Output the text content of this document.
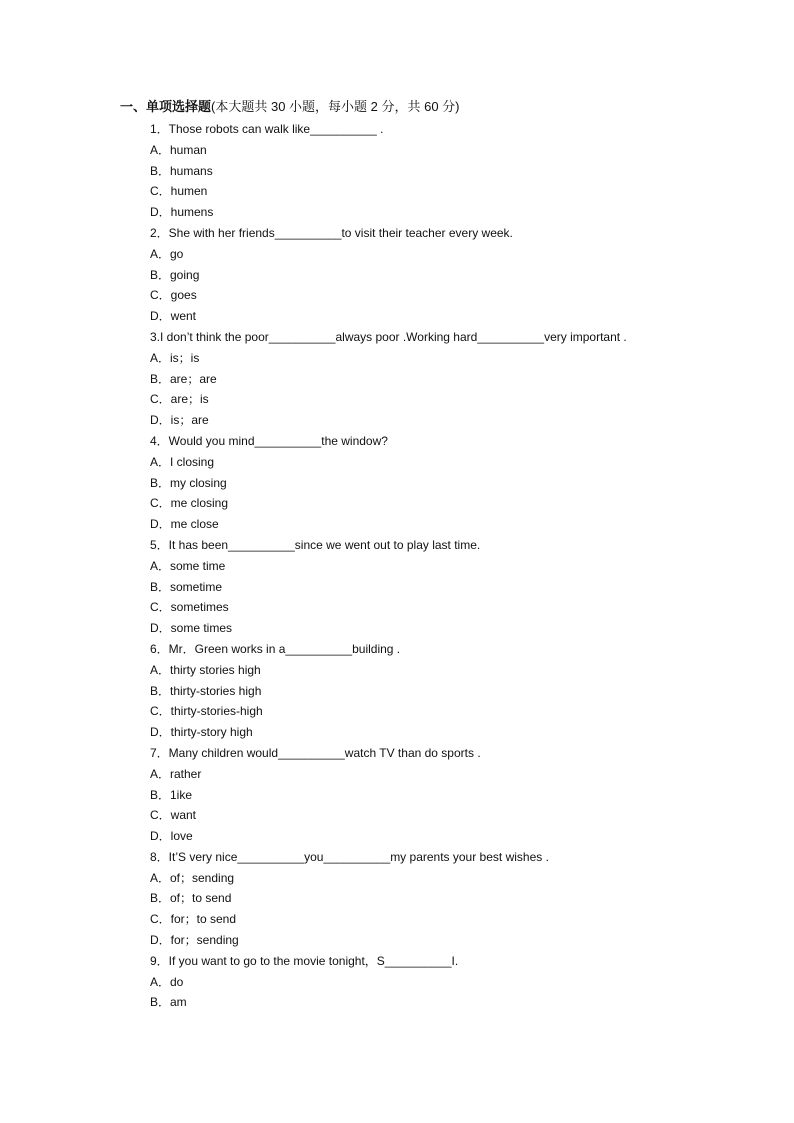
一、单项选择题(本大题共 30 小题，每小题 2 分，共 60 分)
1．Those robots can walk like__________ .
A．human
B．humans
C．humen
D．humens
2．She with her friends__________to visit their teacher every week.
A．go
B．going
C．goes
D．went
3.I don’t think the poor__________always poor .Working hard__________very important .
A．is；is
B．are；are
C．are；is
D．is；are
4．Would you mind__________the window?
A．I closing
B．my closing
C．me closing
D．me close
5．It has been__________since we went out to play last time.
A．some time
B．sometime
C．sometimes
D．some times
6．Mr．Green works in a__________building .
A．thirty stories high
B．thirty-stories high
C．thirty-stories-high
D．thirty-story high
7．Many children would__________watch TV than do sports .
A．rather
B．1ike
C．want
D．love
8．It’S very nice__________you__________my parents your best wishes .
A．of；sending
B．of；to send
C．for；to send
D．for；sending
9．If you want to go to the movie tonight，S__________I.
A．do
B．am
